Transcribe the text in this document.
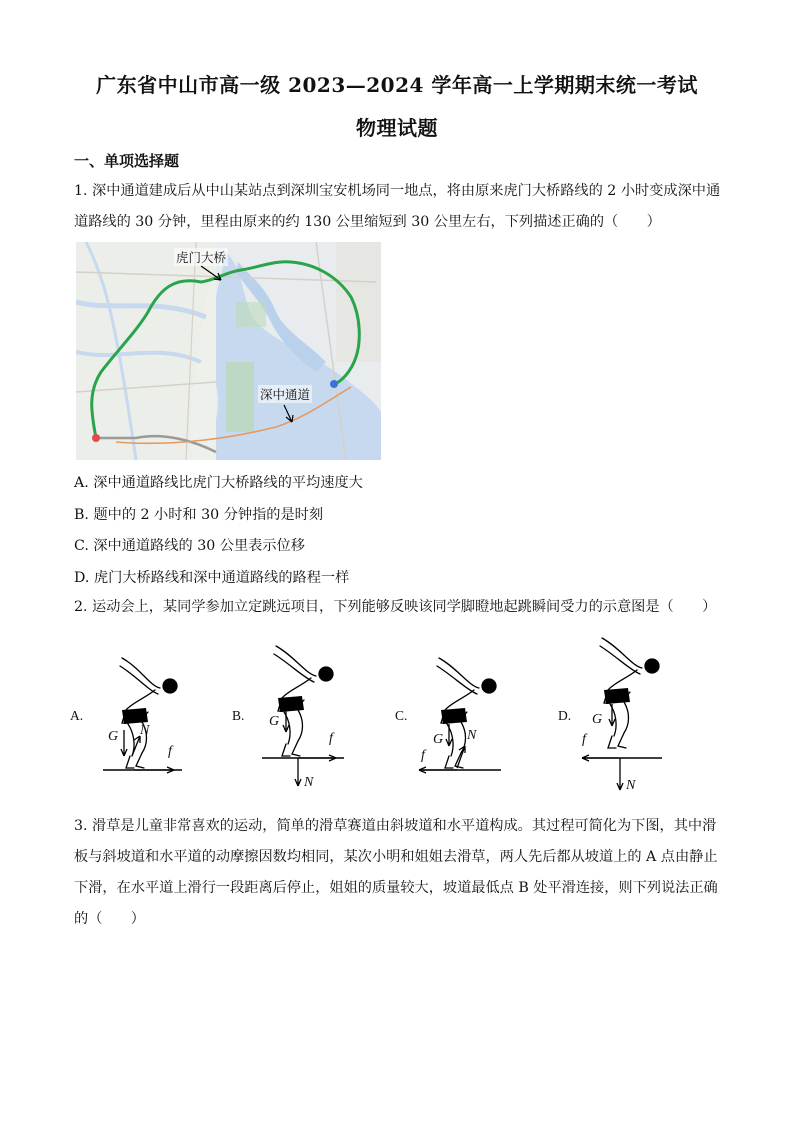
广东省中山市高一级 2023—2024 学年高一上学期期末统一考试
物理试题
一、单项选择题
1. 深中通道建成后从中山某站点到深圳宝安机场同一地点，将由原来虎门大桥路线的 2 小时变成深中通道路线的 30 分钟，里程由原来的约 130 公里缩短到 30 公里左右，下列描述正确的（　　）
虎门大桥
深中通道
A. 深中通道路线比虎门大桥路线的平均速度大
B. 题中的 2 小时和 30 分钟指的是时刻
C. 深中通道路线的 30 公里表示位移
D. 虎门大桥路线和深中通道路线的路程一样
2. 运动会上，某同学参加立定跳远项目，下列能够反映该同学脚瞪地起跳瞬间受力的示意图是（　　）
A.
G N
f
B. G
N
f
C.
G N
f
D. G
N
f
3. 滑草是儿童非常喜欢的运动，简单的滑草赛道由斜坡道和水平道构成。其过程可简化为下图，其中滑板与斜坡道和水平道的动摩擦因数均相同，某次小明和姐姐去滑草，两人先后都从坡道上的 A 点由静止下滑，在水平道上滑行一段距离后停止，姐姐的质量较大，坡道最低点 B 处平滑连接，则下列说法正确的（　　）
